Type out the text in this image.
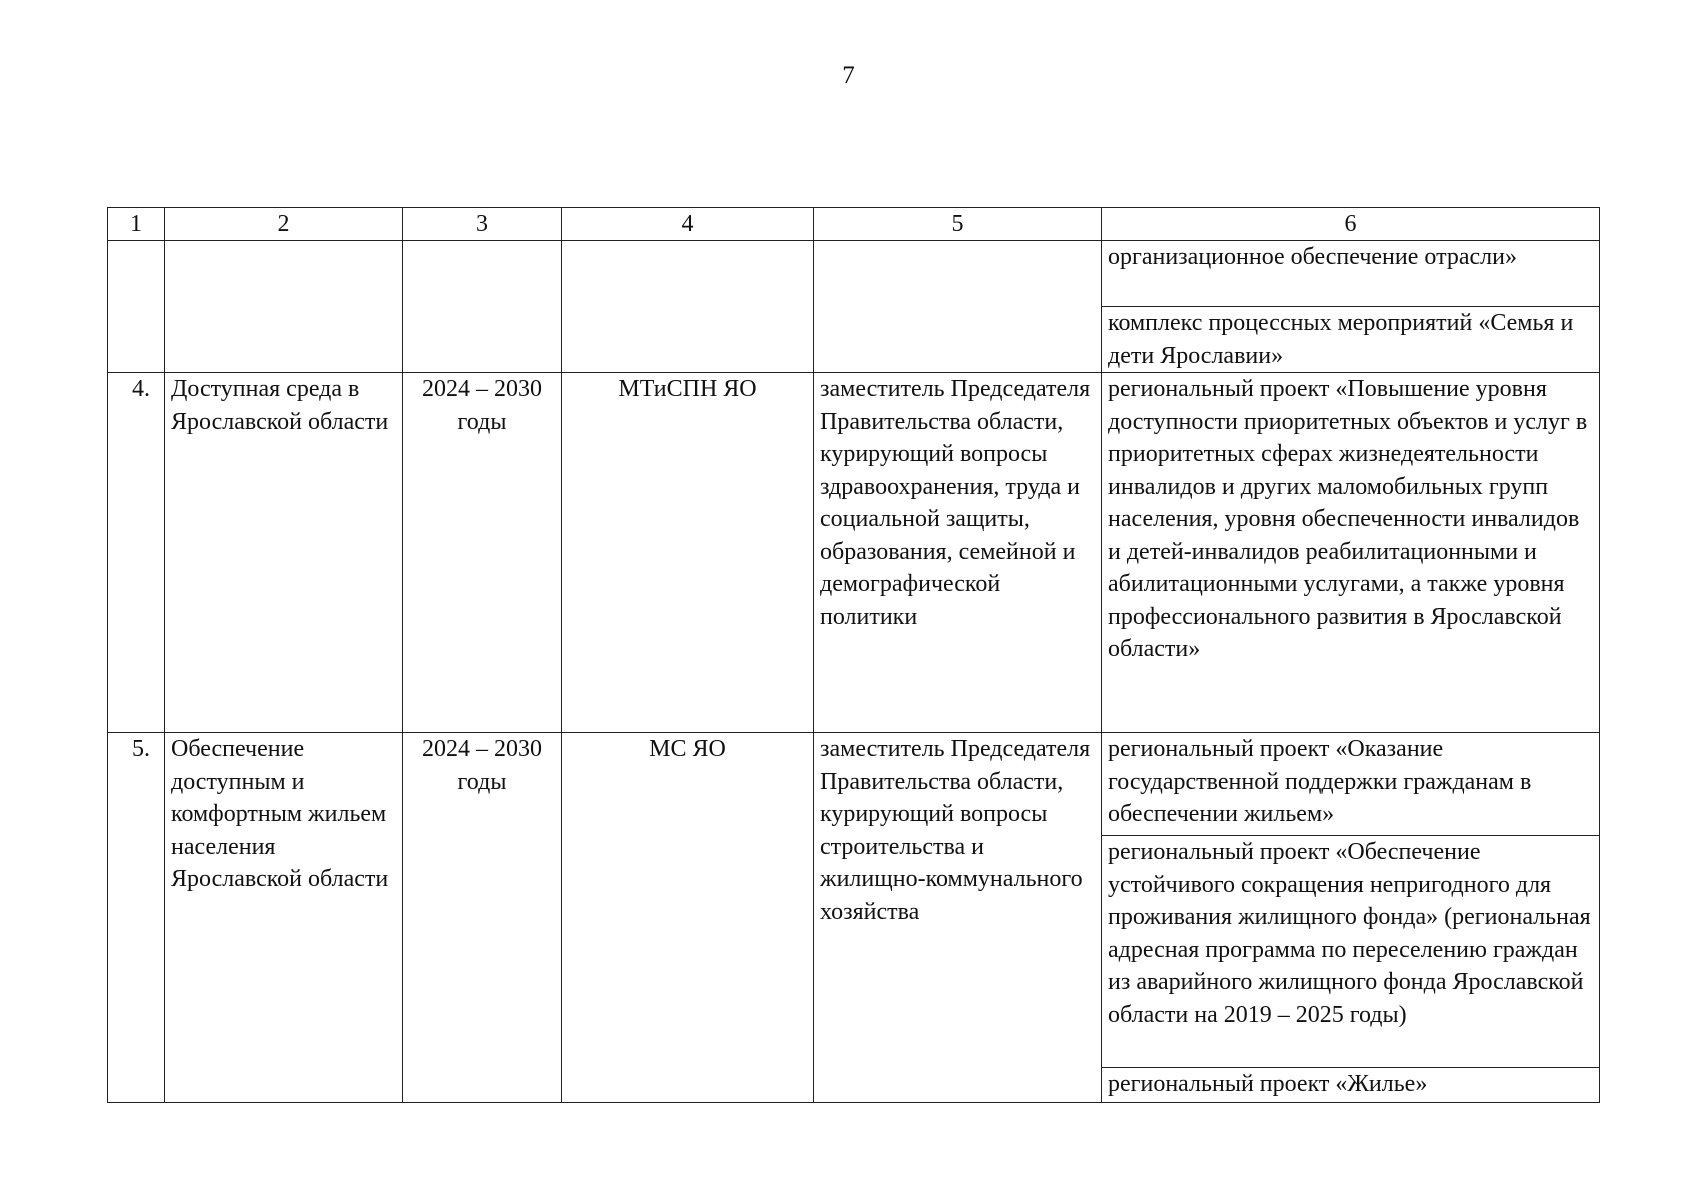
7
1	2	3	4	5	6
					организационное обеспечение отрасли»
					комплекс процессных мероприятий «Семья и дети Ярославии»
4.	Доступная среда в Ярославской области	2024 – 2030 годы	МТиСПН ЯО	заместитель Председателя Правительства области, курирующий вопросы здравоохранения, труда и социальной защиты, образования, семейной и демографической политики	региональный проект «Повышение уровня доступности приоритетных объектов и услуг в приоритетных сферах жизнедеятельности инвалидов и других маломобильных групп населения, уровня обеспеченности инвалидов и детей-инвалидов реабилитационными и абилитационными услугами, а также уровня профессионального развития в Ярославской области»
5.	Обеспечение доступным и комфортным жильем населения Ярославской области	2024 – 2030 годы	МС ЯО	заместитель Председателя Правительства области, курирующий вопросы строительства и жилищно-коммунального хозяйства	региональный проект «Оказание государственной поддержки гражданам в обеспечении жильем»
					региональный проект «Обеспечение устойчивого сокращения непригодного для проживания жилищного фонда» (региональная адресная программа по переселению граждан из аварийного жилищного фонда Ярославской области на 2019 – 2025 годы)
					региональный проект «Жилье»
